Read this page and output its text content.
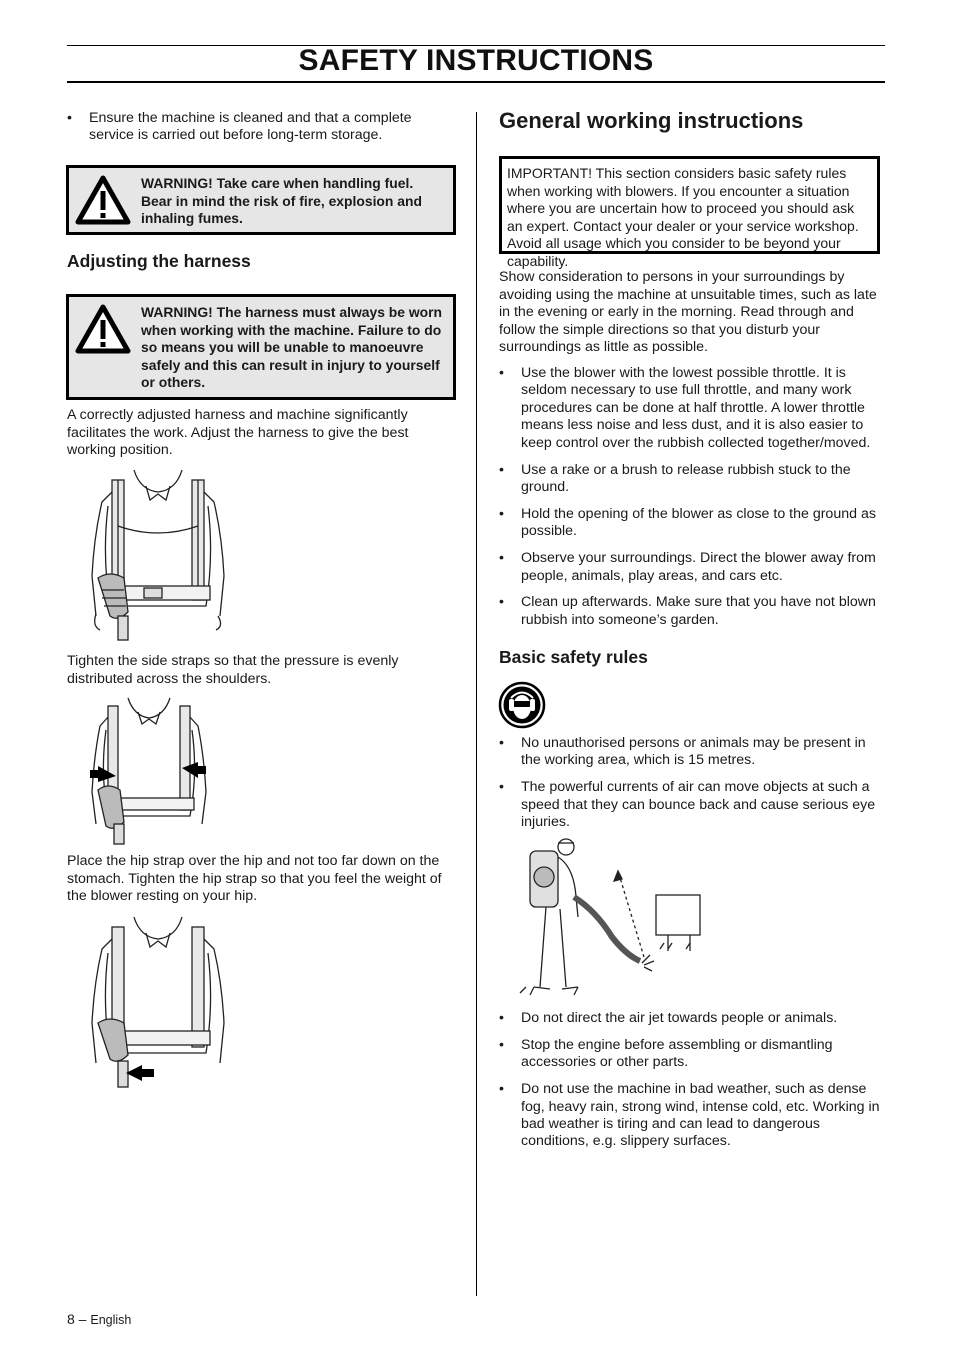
SAFETY INSTRUCTIONS
• Ensure the machine is cleaned and that a complete service is carried out before long-term storage.
WARNING! Take care when handling fuel. Bear in mind the risk of fire, explosion and inhaling fumes.
Adjusting the harness
WARNING! The harness must always be worn when working with the machine. Failure to do so means you will be unable to manoeuvre safely and this can result in injury to yourself or others.
A correctly adjusted harness and machine significantly facilitates the work. Adjust the harness to give the best working position.
Tighten the side straps so that the pressure is evenly distributed across the shoulders.
Place the hip strap over the hip and not too far down on the stomach. Tighten the hip strap so that you feel the weight of the blower resting on your hip.
General working instructions
IMPORTANT! This section considers basic safety rules when working with blowers. If you encounter a situation where you are uncertain how to proceed you should ask an expert. Contact your dealer or your service workshop. Avoid all usage which you consider to be beyond your capability.
Show consideration to persons in your surroundings by avoiding using the machine at unsuitable times, such as late in the evening or early in the morning. Read through and follow the simple directions so that you disturb your surroundings as little as possible.
• Use the blower with the lowest possible throttle. It is seldom necessary to use full throttle, and many work procedures can be done at half throttle. A lower throttle means less noise and less dust, and it is also easier to keep control over the rubbish collected together/moved.
• Use a rake or a brush to release rubbish stuck to the ground.
• Hold the opening of the blower as close to the ground as possible.
• Observe your surroundings. Direct the blower away from people, animals, play areas, and cars etc.
• Clean up afterwards. Make sure that you have not blown rubbish into someone’s garden.
Basic safety rules
• No unauthorised persons or animals may be present in the working area, which is 15 metres.
• The powerful currents of air can move objects at such a speed that they can bounce back and cause serious eye injuries.
• Do not direct the air jet towards people or animals.
• Stop the engine before assembling or dismantling accessories or other parts.
• Do not use the machine in bad weather, such as dense fog, heavy rain, strong wind, intense cold, etc. Working in bad weather is tiring and can lead to dangerous conditions, e.g. slippery surfaces.
8 – English
